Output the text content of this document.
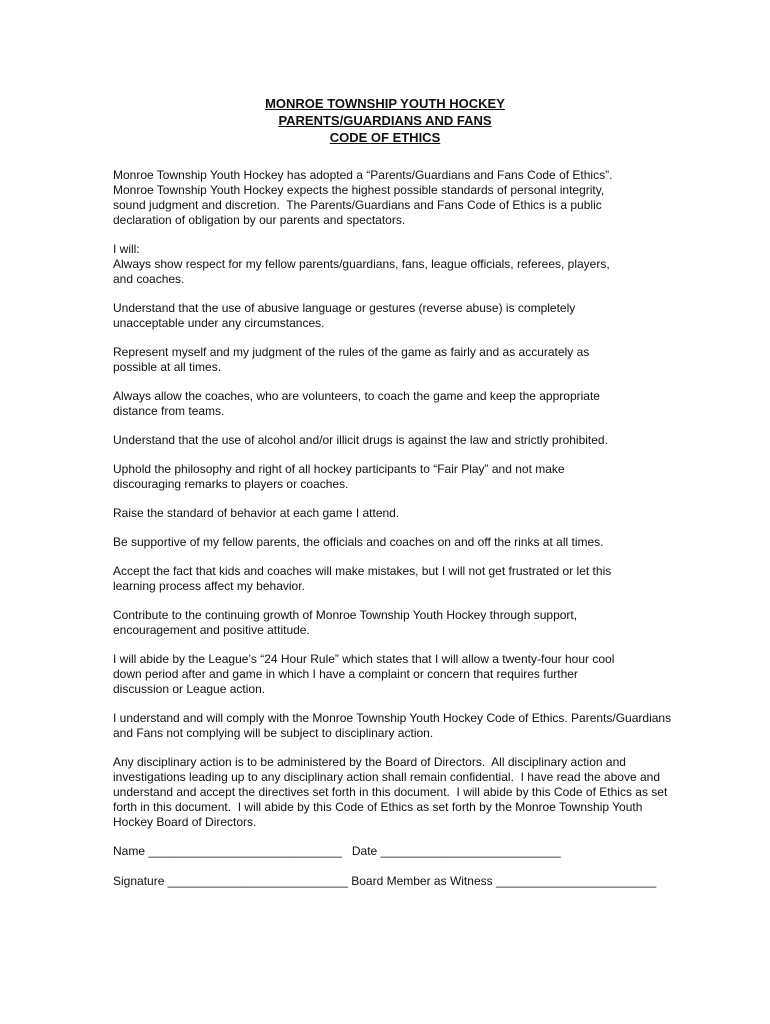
MONROE TOWNSHIP YOUTH HOCKEY
PARENTS/GUARDIANS AND FANS
CODE OF ETHICS
Monroe Township Youth Hockey has adopted a “Parents/Guardians and Fans Code of Ethics”.
Monroe Township Youth Hockey expects the highest possible standards of personal integrity,
sound judgment and discretion.  The Parents/Guardians and Fans Code of Ethics is a public
declaration of obligation by our parents and spectators.
I will:
Always show respect for my fellow parents/guardians, fans, league officials, referees, players,
and coaches.
Understand that the use of abusive language or gestures (reverse abuse) is completely
unacceptable under any circumstances.
Represent myself and my judgment of the rules of the game as fairly and as accurately as
possible at all times.
Always allow the coaches, who are volunteers, to coach the game and keep the appropriate
distance from teams.
Understand that the use of alcohol and/or illicit drugs is against the law and strictly prohibited.
Uphold the philosophy and right of all hockey participants to “Fair Play” and not make
discouraging remarks to players or coaches.
Raise the standard of behavior at each game I attend.
Be supportive of my fellow parents, the officials and coaches on and off the rinks at all times.
Accept the fact that kids and coaches will make mistakes, but I will not get frustrated or let this
learning process affect my behavior.
Contribute to the continuing growth of Monroe Township Youth Hockey through support,
encouragement and positive attitude.
I will abide by the League’s “24 Hour Rule” which states that I will allow a twenty-four hour cool
down period after and game in which I have a complaint or concern that requires further
discussion or League action.
I understand and will comply with the Monroe Township Youth Hockey Code of Ethics. Parents/Guardians
and Fans not complying will be subject to disciplinary action.
Any disciplinary action is to be administered by the Board of Directors.  All disciplinary action and
investigations leading up to any disciplinary action shall remain confidential.  I have read the above and
understand and accept the directives set forth in this document.  I will abide by this Code of Ethics as set
forth in this document.  I will abide by this Code of Ethics as set forth by the Monroe Township Youth
Hockey Board of Directors.
Name _____________________________   Date ___________________________
Signature ___________________________ Board Member as Witness ________________________
